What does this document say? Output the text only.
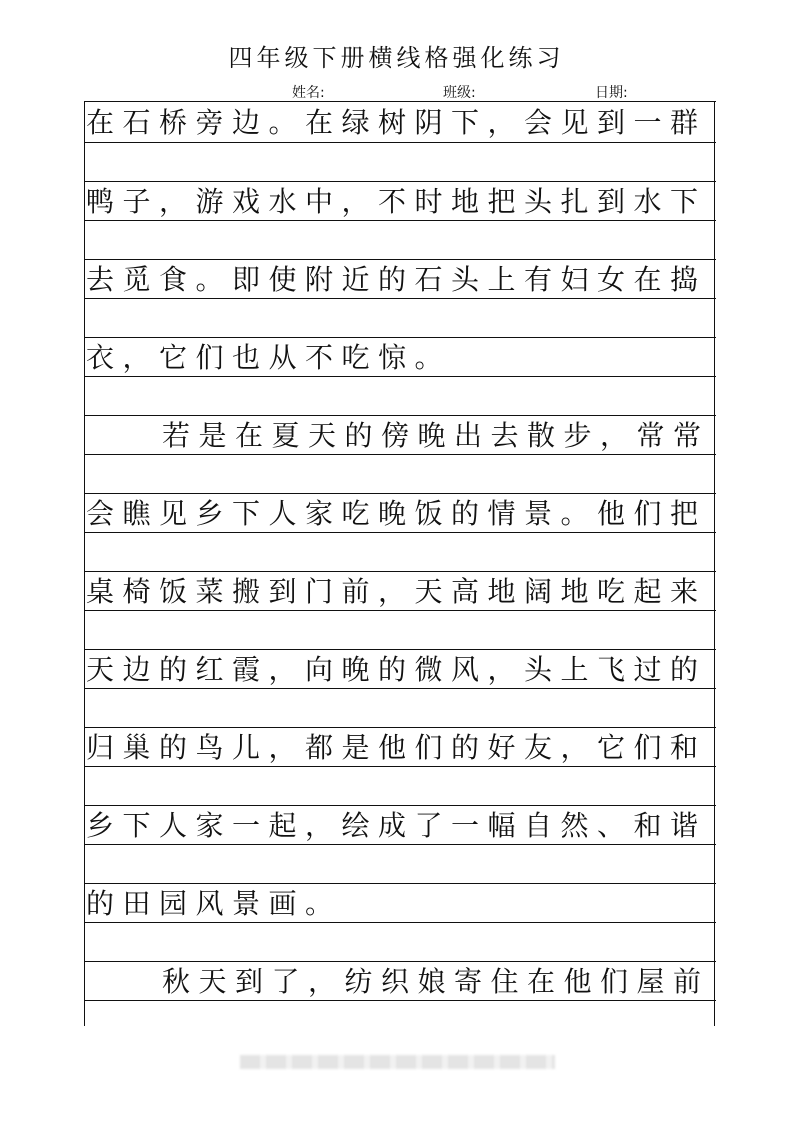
四年级下册横线格强化练习
姓名:	班级:	日期:
在石桥旁边。在绿树阴下，会见到一群
鸭子，游戏水中，不时地把头扎到水下
去觅食。即使附近的石头上有妇女在捣
衣，它们也从不吃惊。
若是在夏天的傍晚出去散步，常常
会瞧见乡下人家吃晚饭的情景。他们把
桌椅饭菜搬到门前，天高地阔地吃起来
天边的红霞，向晚的微风，头上飞过的
归巢的鸟儿，都是他们的好友，它们和
乡下人家一起，绘成了一幅自然、和谐
的田园风景画。
秋天到了，纺织娘寄住在他们屋前
